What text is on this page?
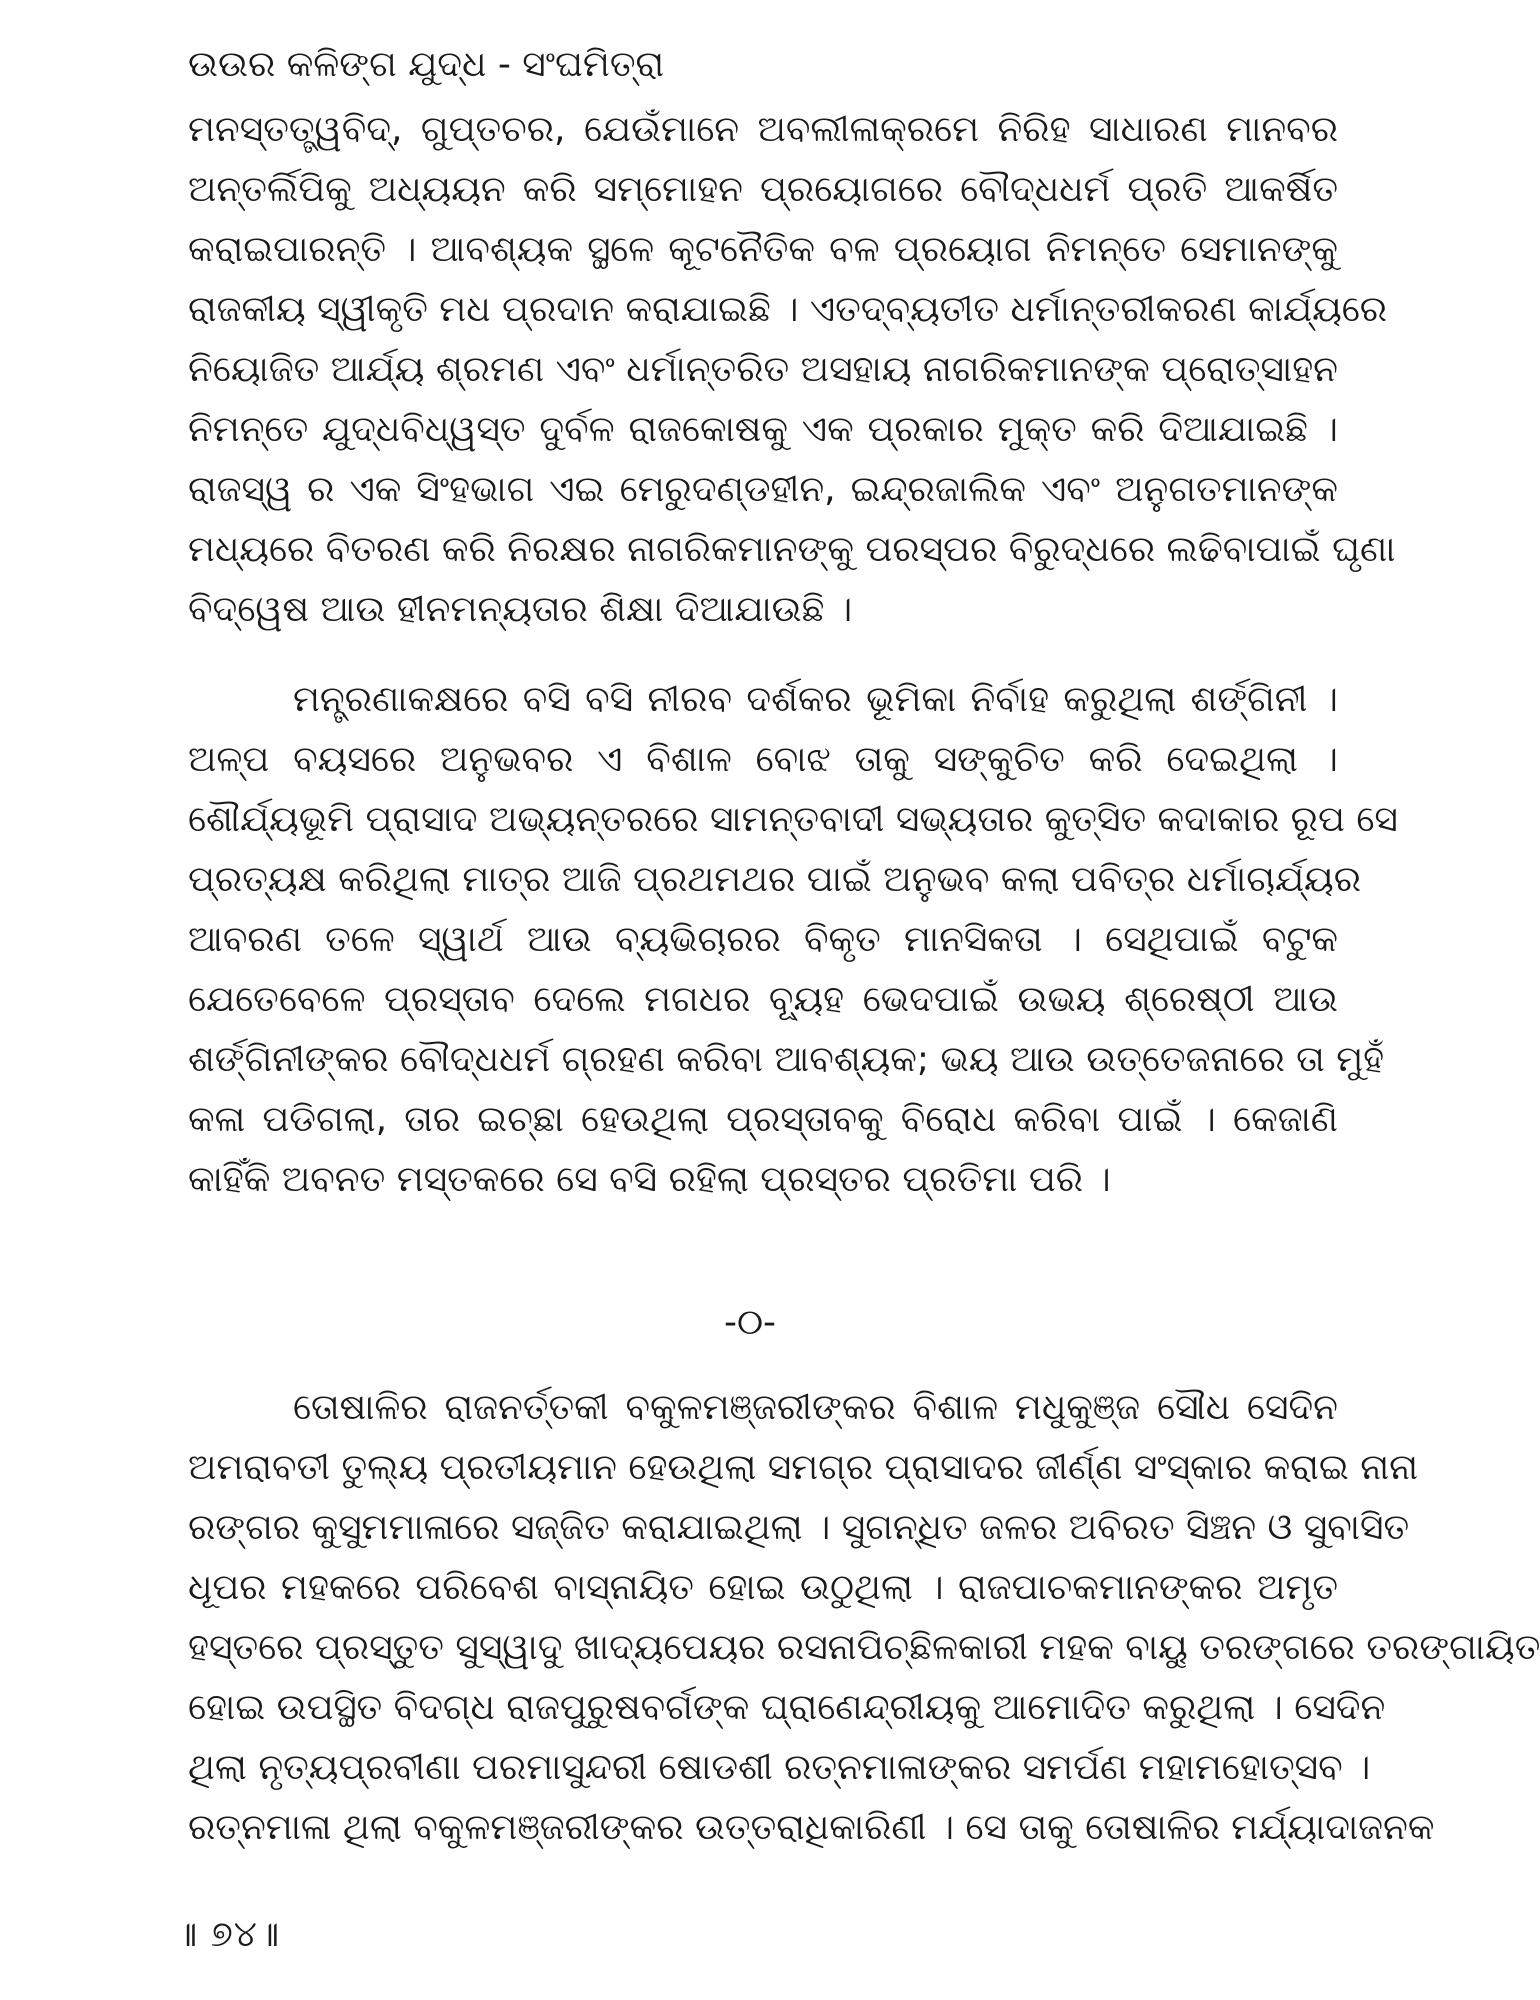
ଉଉର କଳିଙ୍ଗ ଯୁଦ୍ଧ - ସଂଘମିତ୍ରା
ମନସ୍ତତ୍ତ୍ୱବିଦ୍, ଗୁପ୍ତଚର, ଯେଉଁମାନେ ଅବଲୀଳାକ୍ରମେ ନିରିହ ସାଧାରଣ ମାନବର
ଅନ୍ତର୍ଲିପିକୁ ଅଧ୍ୟୟନ କରି ସମ୍ମୋହନ ପ୍ରୟୋଗରେ ବୌଦ୍ଧଧର୍ମ ପ୍ରତି ଆକର୍ଷିତ
କରାଇପାରନ୍ତି । ଆବଶ୍ୟକ ସ୍ଥଳେ କୂଟନୈତିକ ବଳ ପ୍ରୟୋଗ ନିମନ୍ତେ ସେମାନଙ୍କୁ
ରାଜକୀୟ ସ୍ୱୀକୃତି ମଧ ପ୍ରଦାନ କରାଯାଇଛି । ଏତଦ୍‌ବ୍ୟତୀତ ଧର୍ମାନ୍ତରୀକରଣ କାର୍ଯ୍ୟରେ
ନିୟୋଜିତ ଆର୍ଯ୍ୟ ଶ୍ରମଣ ଏବଂ ଧର୍ମାନ୍ତରିତ ଅସହାୟ ନାଗରିକମାନଙ୍କ ପ୍ରୋତ୍ସାହନ
ନିମନ୍ତେ ଯୁଦ୍ଧବିଧ୍ୱସ୍ତ ଦୁର୍ବଳ ରାଜକୋଷକୁ ଏକ ପ୍ରକାର ମୁକ୍ତ କରି ଦିଆଯାଇଛି ।
ରାଜସ୍ୱ ର ଏକ ସିଂହଭାଗ ଏଇ ମେରୁଦଣ୍ଡହୀନ, ଇନ୍ଦ୍ରଜାଲିକ ଏବଂ ଅନୁଗତମାନଙ୍କ
ମଧ୍ୟରେ ବିତରଣ କରି ନିରକ୍ଷର ନାଗରିକମାନଙ୍କୁ ପରସ୍ପର ବିରୁଦ୍ଧରେ ଲଢିବାପାଇଁ ଘୃଣା
ବିଦ୍ୱେଷ ଆଉ ହୀନମନ୍ୟତାର ଶିକ୍ଷା ଦିଆଯାଉଛି ।
ମନ୍ତ୍ରଣାକକ୍ଷରେ ବସି ବସି ନୀରବ ଦର୍ଶକର ଭୂମିକା ନିର୍ବାହ କରୁଥିଲା ଶର୍ଙ୍ଗିନୀ ।
ଅଳ୍ପ ବୟସରେ ଅନୁଭବର ଏ ବିଶାଳ ବୋଝ ତାକୁ ସଙ୍କୁଚିତ କରି ଦେଇଥିଲା ।
ଶୌର୍ଯ୍ୟଭୂମି ପ୍ରାସାଦ ଅଭ୍ୟନ୍ତରରେ ସାମନ୍ତବାଦୀ ସଭ୍ୟତାର କୁତ୍ସିତ କଦାକାର ରୂପ ସେ
ପ୍ରତ୍ୟକ୍ଷ କରିଥିଲା ମାତ୍ର ଆଜି ପ୍ରଥମଥର ପାଇଁ ଅନୁଭବ କଲା ପବିତ୍ର ଧର୍ମାଚାର୍ଯ୍ୟର
ଆବରଣ ତଳେ ସ୍ୱାର୍ଥ ଆଉ ବ୍ୟଭିଚାରର ବିକୃତ ମାନସିକତା । ସେଥିପାଇଁ ବଟୁକ
ଯେତେବେଳେ ପ୍ରସ୍ତାବ ଦେଲେ ମଗଧର ବ୍ୟୂହ ଭେଦପାଇଁ ଉଭୟ ଶ୍ରେଷ୍ଠୀ ଆଉ
ଶର୍ଙ୍ଗିନୀଙ୍କର ବୌଦ୍ଧଧର୍ମ ଗ୍ରହଣ କରିବା ଆବଶ୍ୟକ; ଭୟ ଆଉ ଉତ୍ତେଜନାରେ ତା ମୁହଁ
କଳା ପଡିଗଲା, ତାର ଇଚ୍ଛା ହେଉଥିଲା ପ୍ରସ୍ତାବକୁ ବିରୋଧ କରିବା ପାଇଁ । କେଜାଣି
କାହିଁକି ଅବନତ ମସ୍ତକରେ ସେ ବସି ରହିଲା ପ୍ରସ୍ତର ପ୍ରତିମା ପରି ।
-୦-
ତୋଷାଳିର ରାଜନର୍ତ୍ତକୀ ବକୁଳମଞ୍ଜରୀଙ୍କର ବିଶାଳ ମଧୁକୁଞ୍ଜ ସୌଧ ସେଦିନ
ଅମରାବତୀ ତୁଲ୍ୟ ପ୍ରତୀୟମାନ ହେଉଥିଲା ସମଗ୍ର ପ୍ରାସାଦର ଜୀର୍ଣ୍ଣ ସଂସ୍କାର କରାଇ ନାନା
ରଙ୍ଗର କୁସୁମମାଳାରେ ସଜ୍ଜିତ କରାଯାଇଥିଲା । ସୁଗନ୍ଧିତ ଜଳର ଅବିରତ ସିଞ୍ଚନ ଓ ସୁବାସିତ
ଧୂପର ମହକରେ ପରିବେଶ ବାସ୍ନାୟିତ ହୋଇ ଉଠୁଥିଲା । ରାଜପାଚକମାନଙ୍କର ଅମୃତ
ହସ୍ତରେ ପ୍ରସ୍ତୁତ ସୁସ୍ୱାଦୁ ଖାଦ୍ୟପେୟର ରସନାପିଚ୍ଛିଳକାରୀ ମହକ ବାୟୁ ତରଙ୍ଗରେ ତରଙ୍ଗାୟିତ
ହୋଇ ଉପସ୍ଥିତ ବିଦଗ୍ଧ ରାଜପୁରୁଷବର୍ଗଙ୍କ ଘ୍ରାଣେନ୍ଦ୍ରୀୟକୁ ଆମୋଦିତ କରୁଥିଲା । ସେଦିନ
ଥିଲା ନୃତ୍ୟପ୍ରବୀଣା ପରମାସୁନ୍ଦରୀ ଷୋଡଶୀ ରତ୍ନମାଳାଙ୍କର ସମର୍ପଣ ମହାମହୋତ୍ସବ ।
ରତ୍ନମାଳା ଥିଲା ବକୁଳମଞ୍ଜରୀଙ୍କର ଉତ୍ତରାଧିକାରିଣୀ । ସେ ତାକୁ ତୋଷାଳିର ମର୍ଯ୍ୟାଦାଜନକ
॥ ୭୪॥
